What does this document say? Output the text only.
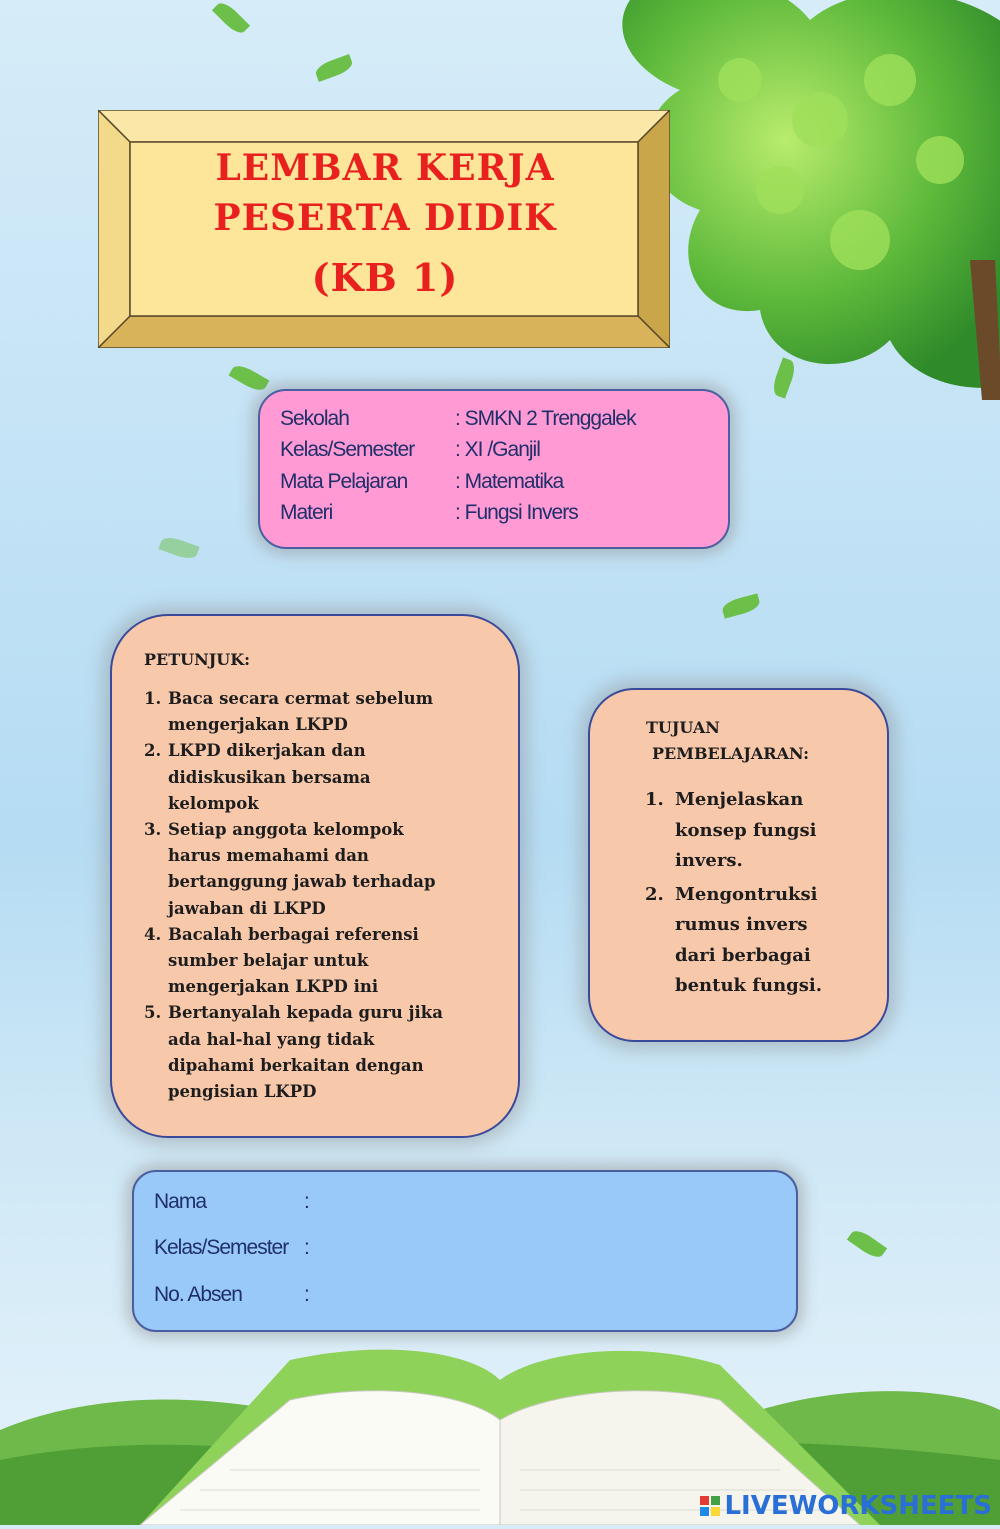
LEMBAR KERJA
PESERTA DIDIK
(KB 1)
Sekolah	: SMKN 2 Trenggalek
Kelas/Semester : XI /Ganjil
Mata Pelajaran : Matematika
Materi	: Fungsi Invers
PETUNJUK:
1. Baca secara cermat sebelum
mengerjakan LKPD
2. LKPD dikerjakan dan
didiskusikan bersama
kelompok
3. Setiap anggota kelompok
harus memahami dan
bertanggung jawab terhadap
jawaban di LKPD
4. Bacalah berbagai referensi
sumber belajar untuk
mengerjakan LKPD ini
5. Bertanyalah kepada guru jika
ada hal-hal yang tidak
dipahami berkaitan dengan
pengisian LKPD
TUJUAN
PEMBELAJARAN:
1. Menjelaskan
konsep fungsi
invers.
2. Mengontruksi
rumus invers
dari berbagai
bentuk fungsi.
Nama	:
Kelas/Semester :
No. Absen	:
LIVEWORKSHEETS
